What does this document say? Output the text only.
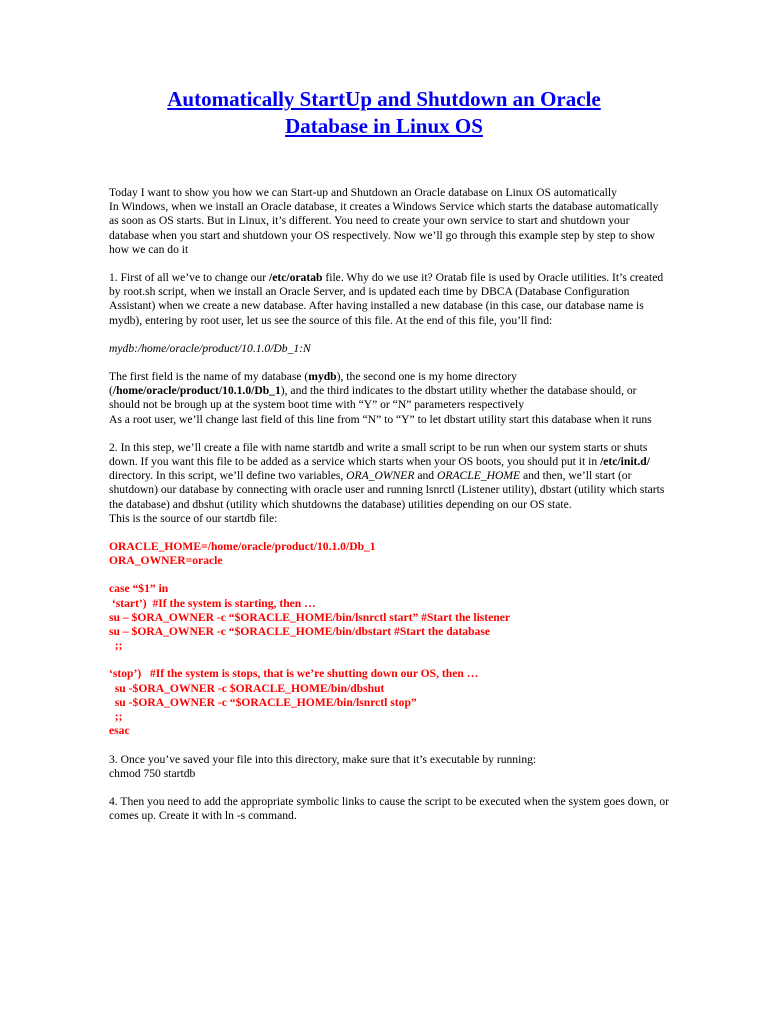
Automatically StartUp and Shutdown an Oracle
Database in Linux OS

Today I want to show you how we can Start-up and Shutdown an Oracle database on Linux OS automatically

In Windows, when we install an Oracle database, it creates a Windows Service which starts the database automatically as soon as OS starts. But in Linux, it’s different. You need to create your own service to start and shutdown your database when you start and shutdown your OS respectively. Now we’ll go through this example step by step to show how we can do it

1. First of all we’ve to change our /etc/oratab file. Why do we use it? Oratab file is used by Oracle utilities. It’s created by root.sh script, when we install an Oracle Server, and is updated each time by DBCA (Database Configuration Assistant) when we create a new database. After having installed a new database (in this case, our database name is mydb), entering by root user, let us see the source of this file. At the end of this file, you’ll find:

mydb:/home/oracle/product/10.1.0/Db_1:N

The first field is the name of my database (mydb), the second one is my home directory (/home/oracle/product/10.1.0/Db_1), and the third indicates to the dbstart utility whether the database should, or should not be brough up at the system boot time with “Y” or “N” parameters respectively

As a root user, we’ll change last field of this line from “N” to “Y” to let dbstart utility start this database when it runs

2. In this step, we’ll create a file with name startdb and write a small script to be run when our system starts or shuts down. If you want this file to be added as a service which starts when your OS boots, you should put it in /etc/init.d/ directory. In this script, we’ll define two variables, ORA_OWNER and ORACLE_HOME and then, we’ll start (or shutdown) our database by connecting with oracle user and running lsnrctl (Listener utility), dbstart (utility which starts the database) and dbshut (utility which shutdowns the database) utilities depending on our OS state.

This is the source of our startdb file:

ORACLE_HOME=/home/oracle/product/10.1.0/Db_1
ORA_OWNER=oracle
case “$1” in
‘start’)  #If the system is starting, then …
su – $ORA_OWNER -c “$ORACLE_HOME/bin/lsnrctl start” #Start the listener
su – $ORA_OWNER -c “$ORACLE_HOME/bin/dbstart #Start the database
;;
‘stop’)   #If the system is stops, that is we’re shutting down our OS, then …
su -$ORA_OWNER -c $ORACLE_HOME/bin/dbshut
su -$ORA_OWNER -c “$ORACLE_HOME/bin/lsnrctl stop”
;;
esac

3. Once you’ve saved your file into this directory, make sure that it’s executable by running:

chmod 750 startdb

4. Then you need to add the appropriate symbolic links to cause the script to be executed when the system goes down, or comes up. Create it with ln -s command.
